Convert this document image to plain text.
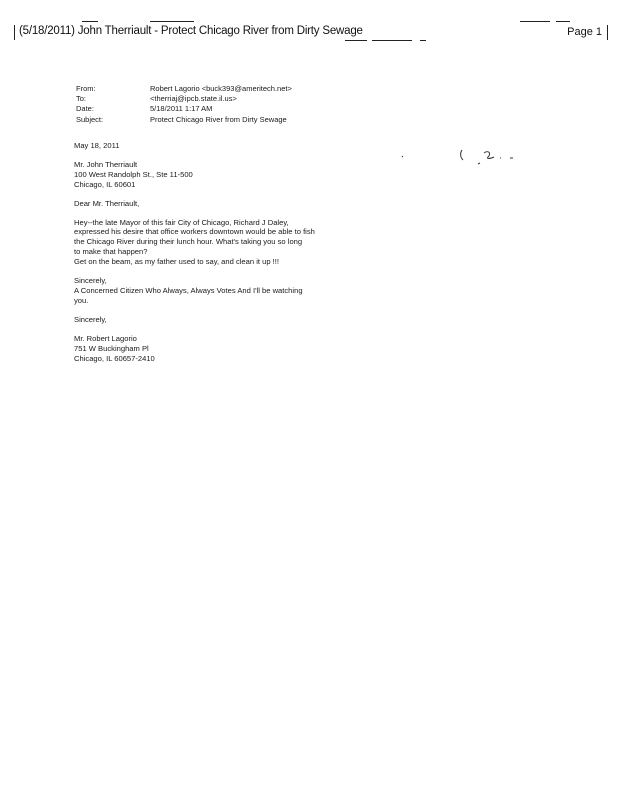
(5/18/2011) John Therriault - Protect Chicago River from Dirty Sewage	Page 1
From:	Robert Lagorio <buck393@ameritech.net>
To:	<therriaj@ipcb.state.il.us>
Date:	5/18/2011 1:17 AM
Subject:	Protect Chicago River from Dirty Sewage
May 18, 2011
Mr. John Therriault
100 West Randolph St., Ste 11-500
Chicago, IL 60601
Dear Mr. Therriault,
Hey--the late Mayor of this fair City of Chicago, Richard J Daley,
expressed his desire that office workers downtown would be able to fish
the Chicago River during their lunch hour. What's taking you so long
to make that happen?
Get on the beam, as my father used to say, and clean it up !!!
Sincerely,
A Concerned Citizen Who Always, Always Votes And I'll be watching
you.
Sincerely,
Mr. Robert Lagorio
751 W Buckingham Pl
Chicago, IL 60657-2410
